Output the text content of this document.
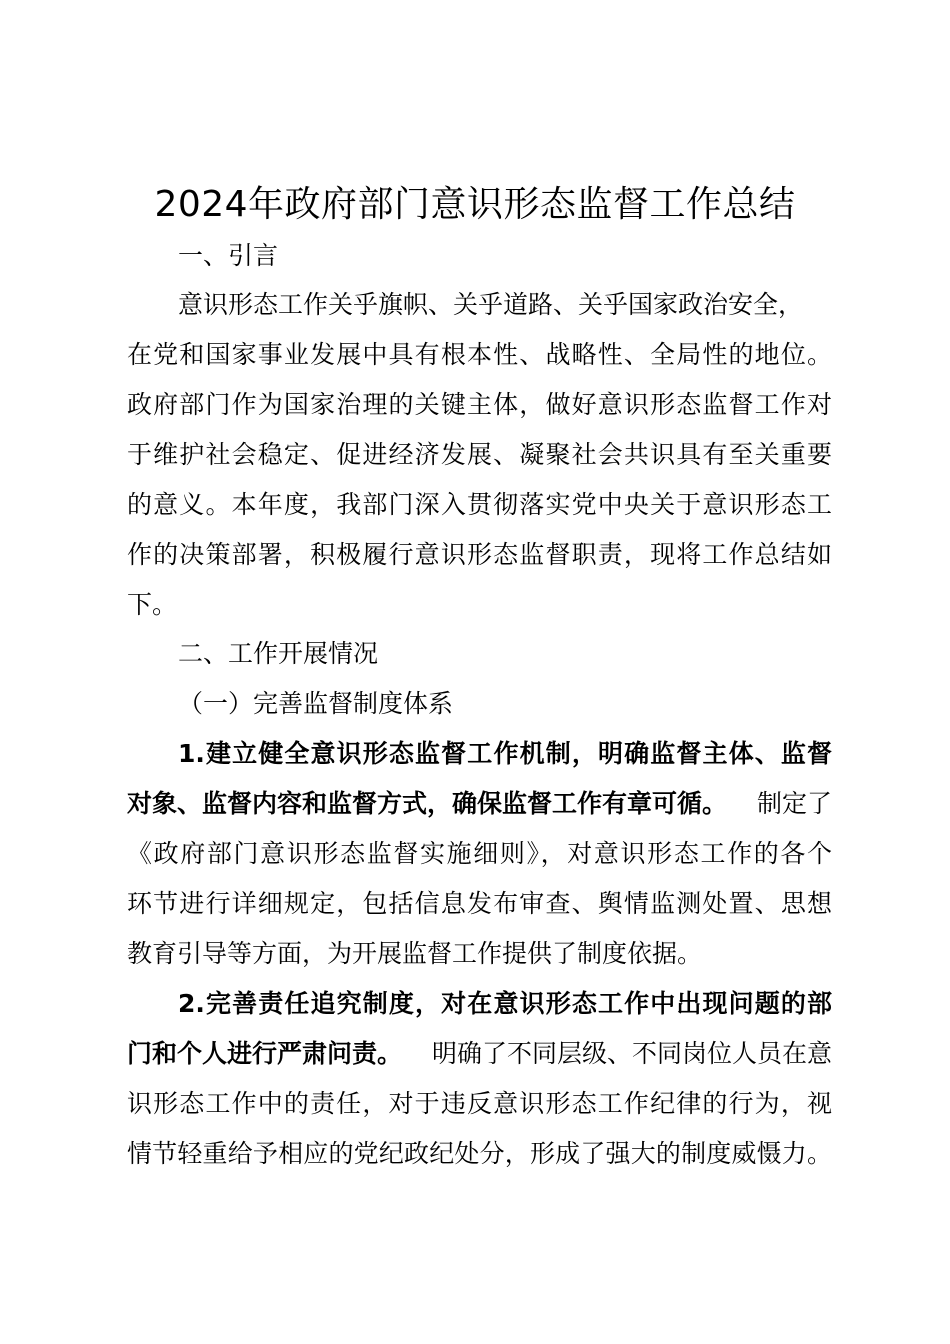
2024年政府部门意识形态监督工作总结
一、引言
意识形态工作关乎旗帜、关乎道路、关乎国家政治安全，
在党和国家事业发展中具有根本性、战略性、全局性的地位。
政府部门作为国家治理的关键主体，做好意识形态监督工作对
于维护社会稳定、促进经济发展、凝聚社会共识具有至关重要
的意义。本年度，我部门深入贯彻落实党中央关于意识形态工
作的决策部署，积极履行意识形态监督职责，现将工作总结如
下。
二、工作开展情况
（一）完善监督制度体系
1.建立健全意识形态监督工作机制，明确监督主体、监督
对象、监督内容和监督方式，确保监督工作有章可循。 制定了
《政府部门意识形态监督实施细则》，对意识形态工作的各个
环节进行详细规定，包括信息发布审查、舆情监测处置、思想
教育引导等方面，为开展监督工作提供了制度依据。
2.完善责任追究制度，对在意识形态工作中出现问题的部
门和个人进行严肃问责。 明确了不同层级、不同岗位人员在意
识形态工作中的责任，对于违反意识形态工作纪律的行为，视
情节轻重给予相应的党纪政纪处分，形成了强大的制度威慑力。
